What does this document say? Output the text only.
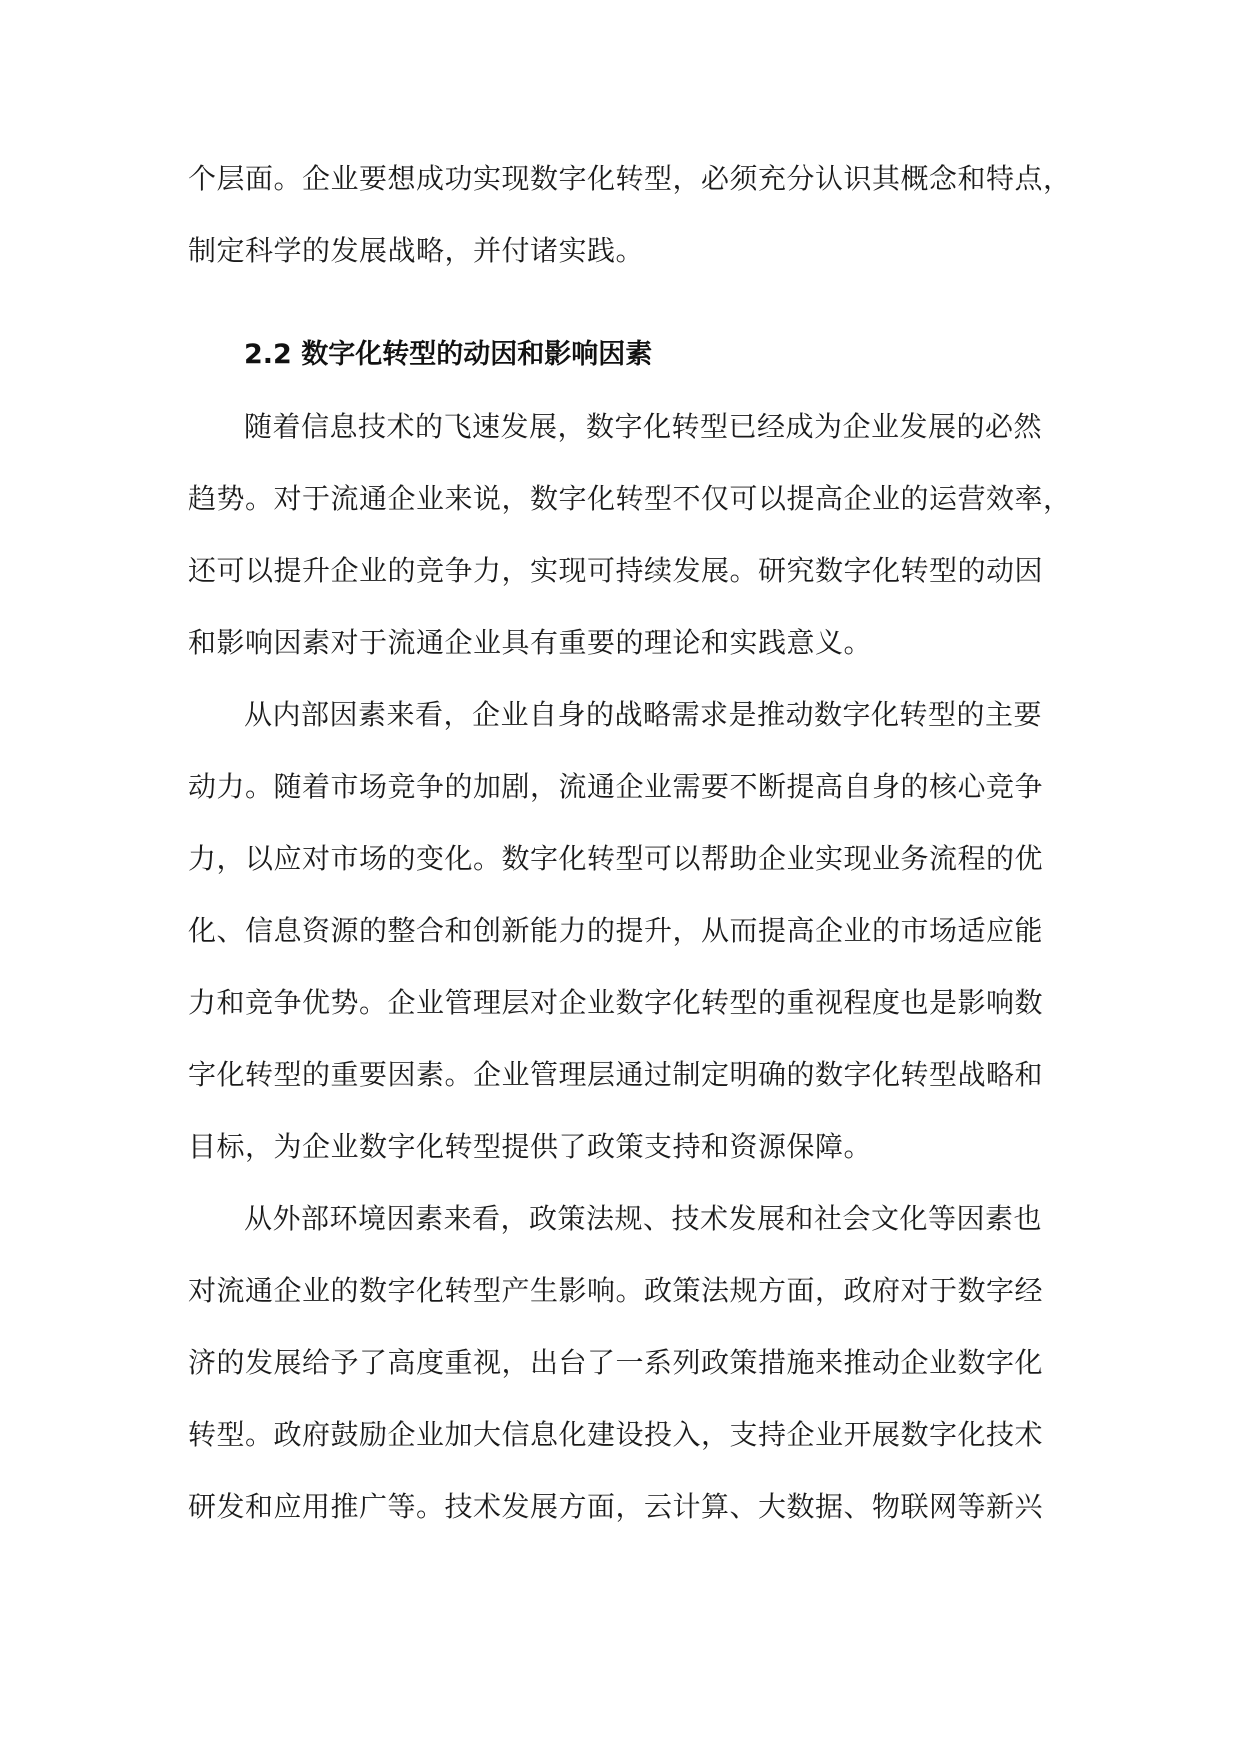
个层面。企业要想成功实现数字化转型，必须充分认识其概念和特点，
制定科学的发展战略，并付诸实践。
2.2 数字化转型的动因和影响因素
随着信息技术的飞速发展，数字化转型已经成为企业发展的必然
趋势。对于流通企业来说，数字化转型不仅可以提高企业的运营效率，
还可以提升企业的竞争力，实现可持续发展。研究数字化转型的动因
和影响因素对于流通企业具有重要的理论和实践意义。
从内部因素来看，企业自身的战略需求是推动数字化转型的主要
动力。随着市场竞争的加剧，流通企业需要不断提高自身的核心竞争
力，以应对市场的变化。数字化转型可以帮助企业实现业务流程的优
化、信息资源的整合和创新能力的提升，从而提高企业的市场适应能
力和竞争优势。企业管理层对企业数字化转型的重视程度也是影响数
字化转型的重要因素。企业管理层通过制定明确的数字化转型战略和
目标，为企业数字化转型提供了政策支持和资源保障。
从外部环境因素来看，政策法规、技术发展和社会文化等因素也
对流通企业的数字化转型产生影响。政策法规方面，政府对于数字经
济的发展给予了高度重视，出台了一系列政策措施来推动企业数字化
转型。政府鼓励企业加大信息化建设投入，支持企业开展数字化技术
研发和应用推广等。技术发展方面，云计算、大数据、物联网等新兴
